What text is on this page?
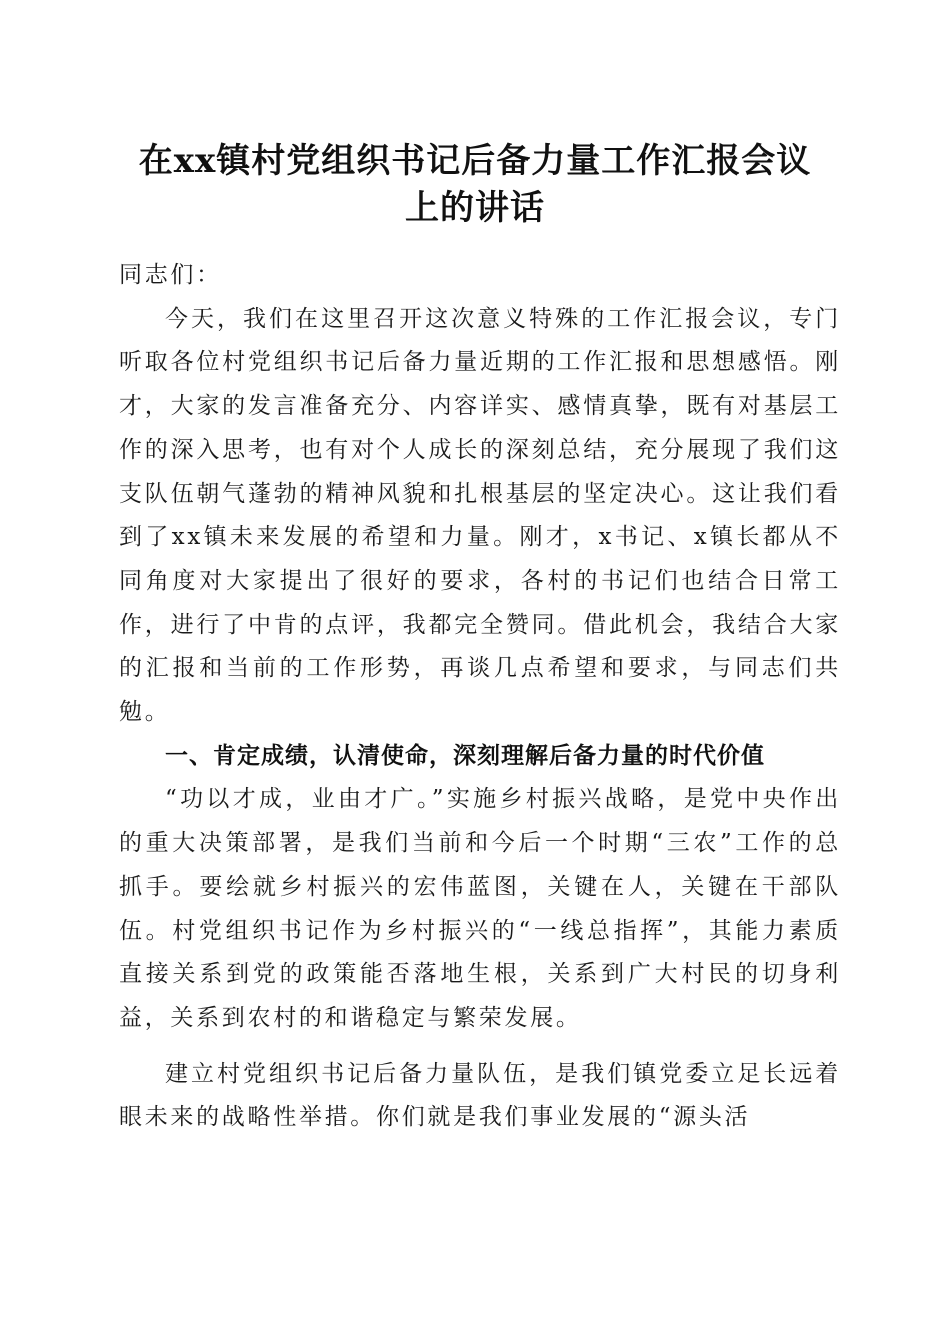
在xx镇村党组织书记后备力量工作汇报会议
上的讲话

同志们：

今天，我们在这里召开这次意义特殊的工作汇报会议，专门听取各位村党组织书记后备力量近期的工作汇报和思想感悟。刚才，大家的发言准备充分、内容详实、感情真挚，既有对基层工作的深入思考，也有对个人成长的深刻总结，充分展现了我们这支队伍朝气蓬勃的精神风貌和扎根基层的坚定决心。这让我们看到了xx镇未来发展的希望和力量。刚才，x书记、x镇长都从不同角度对大家提出了很好的要求，各村的书记们也结合日常工作，进行了中肯的点评，我都完全赞同。借此机会，我结合大家的汇报和当前的工作形势，再谈几点希望和要求，与同志们共勉。

一、肯定成绩，认清使命，深刻理解后备力量的时代价值

“功以才成，业由才广。”实施乡村振兴战略，是党中央作出的重大决策部署，是我们当前和今后一个时期“三农”工作的总抓手。要绘就乡村振兴的宏伟蓝图，关键在人，关键在干部队伍。村党组织书记作为乡村振兴的“一线总指挥”，其能力素质直接关系到党的政策能否落地生根，关系到广大村民的切身利益，关系到农村的和谐稳定与繁荣发展。

建立村党组织书记后备力量队伍，是我们镇党委立足长远着眼未来的战略性举措。你们就是我们事业发展的“源头活
